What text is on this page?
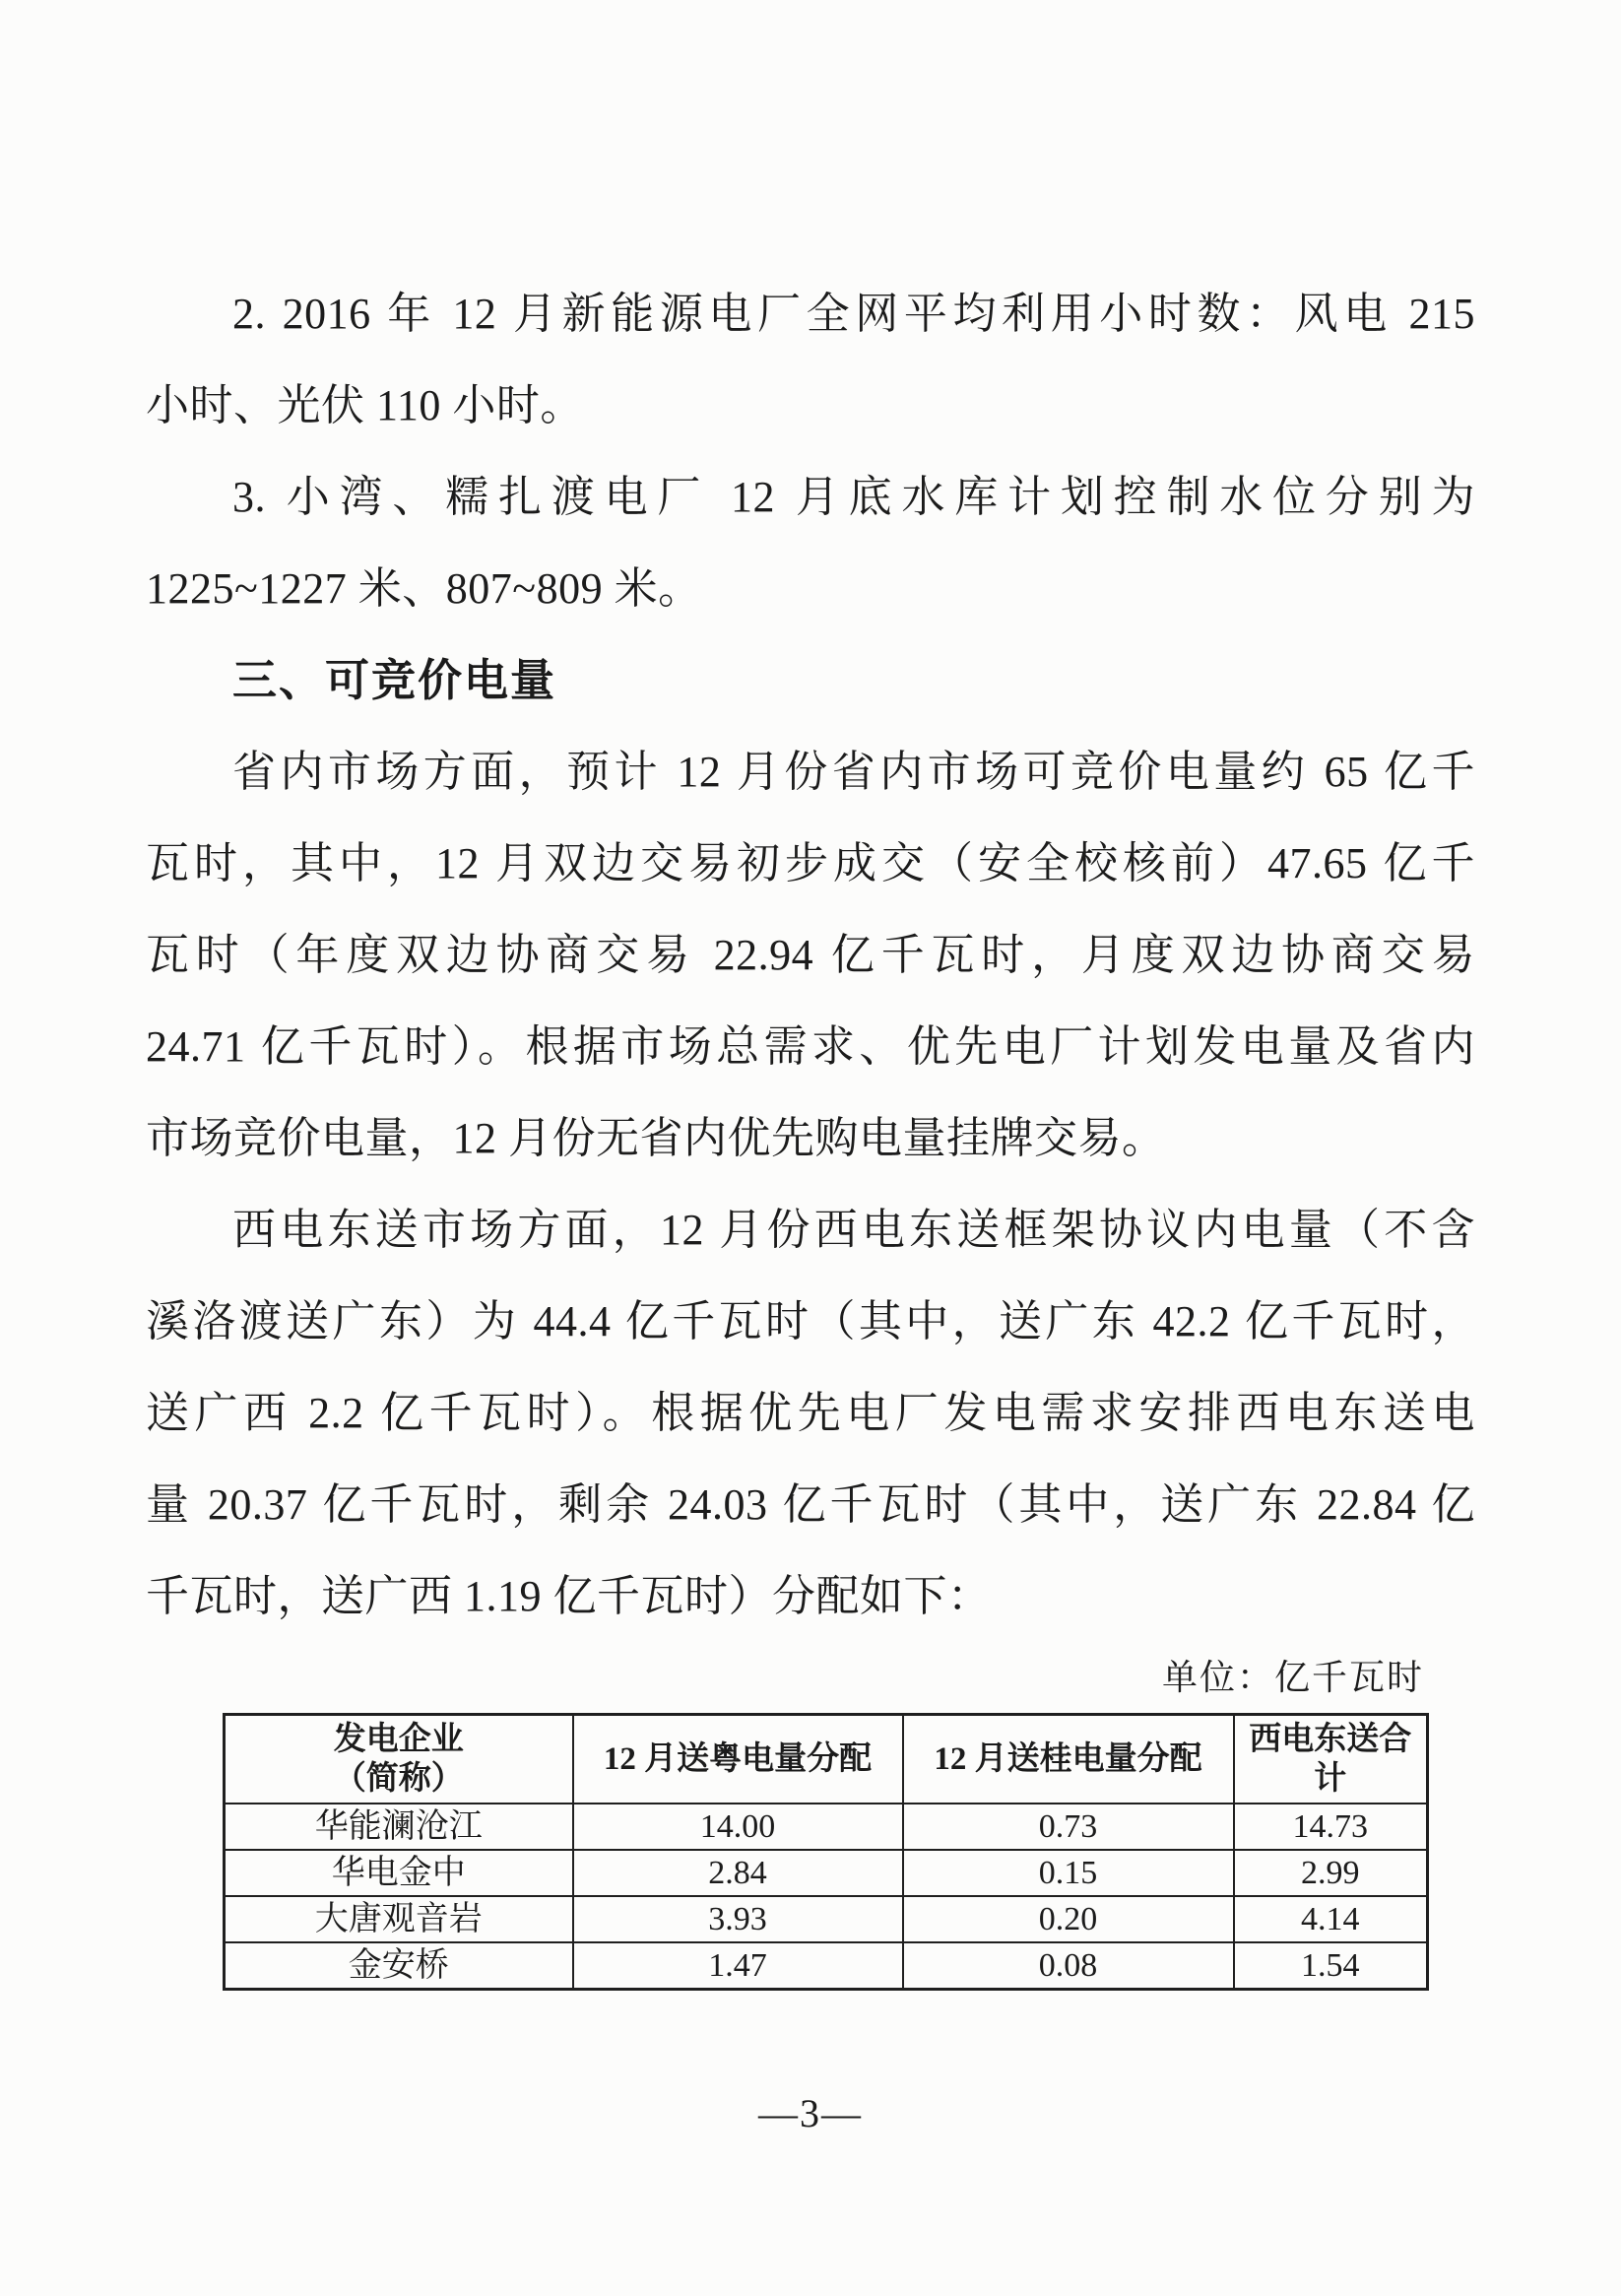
2. 2016 年 12 月新能源电厂全网平均利用小时数：风电 215
小时、光伏 110 小时。
3. 小湾、糯扎渡电厂 12 月底水库计划控制水位分别为
1225~1227 米、807~809 米。
三、可竞价电量
省内市场方面，预计 12 月份省内市场可竞价电量约 65 亿千
瓦时，其中，12 月双边交易初步成交（安全校核前）47.65 亿千
瓦时（年度双边协商交易 22.94 亿千瓦时，月度双边协商交易
24.71 亿千瓦时）。根据市场总需求、优先电厂计划发电量及省内
市场竞价电量，12 月份无省内优先购电量挂牌交易。
西电东送市场方面，12 月份西电东送框架协议内电量（不含
溪洛渡送广东）为 44.4 亿千瓦时（其中，送广东 42.2 亿千瓦时，
送广西 2.2 亿千瓦时）。根据优先电厂发电需求安排西电东送电
量 20.37 亿千瓦时，剩余 24.03 亿千瓦时（其中，送广东 22.84 亿
千瓦时，送广西 1.19 亿千瓦时）分配如下：
单位：亿千瓦时
发电企业
（简称）	12 月送粤电量分配	12 月送桂电量分配	西电东送合计
华能澜沧江	14.00	0.73	14.73
华电金中	2.84	0.15	2.99
大唐观音岩	3.93	0.20	4.14
金安桥	1.47	0.08	1.54
—3—
